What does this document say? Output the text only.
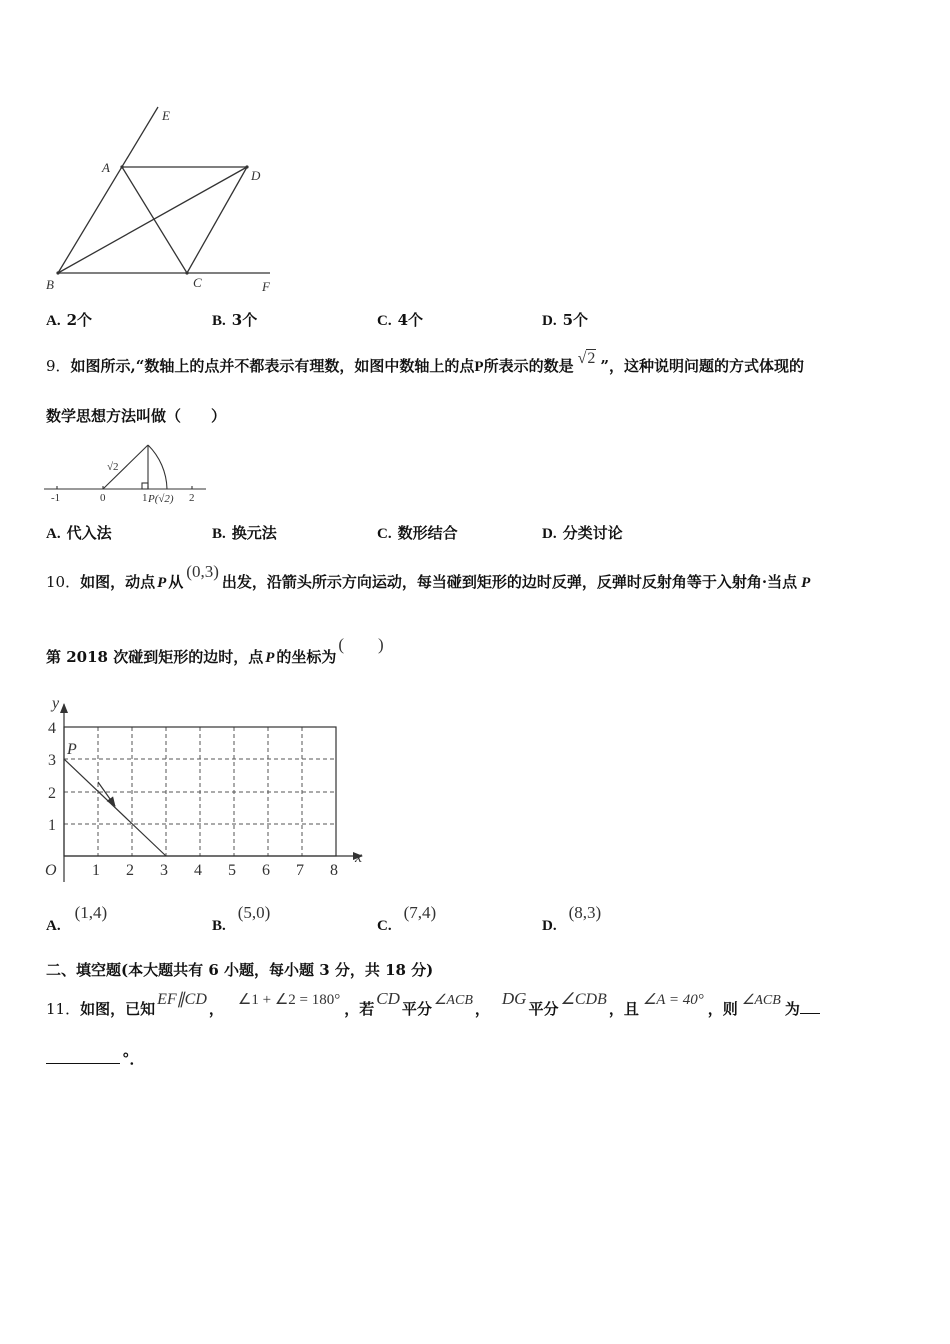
E
A
D
B	C	F
A. 2个	B. 3个	C. 4个	D. 5个
9．如图所示,“数轴上的点并不都表示有理数，如图中数轴上的点P所表示的数是 √2 ”，这种说明问题的方式体现的
数学思想方法叫做（　　）
-1	0	1	2
√2
P(√2)
A. 代入法	B. 换元法	C. 数形结合	D. 分类讨论
10．如图，动点 P 从(0,3)出发，沿箭头所示方向运动，每当碰到矩形的边时反弹，反弹时反射角等于入射角·当点 P
第 2018 次碰到矩形的边时，点 P 的坐标为(　　)
y
x
O
P
1 2 3 4 5 6 7 8
1
2
3
4
A.(1,4)
B.(5,0)
C.(7,4)
D.(8,3)
二、填空题(本大题共有 6 小题，每小题 3 分，共 18 分)
11．如图，已知EF∥CD， ∠1 + ∠2 = 180° ，若CD平分 ∠ACB ，DG平分∠CDB，且 ∠A = 40° ，则 ∠ACB 为
°．
